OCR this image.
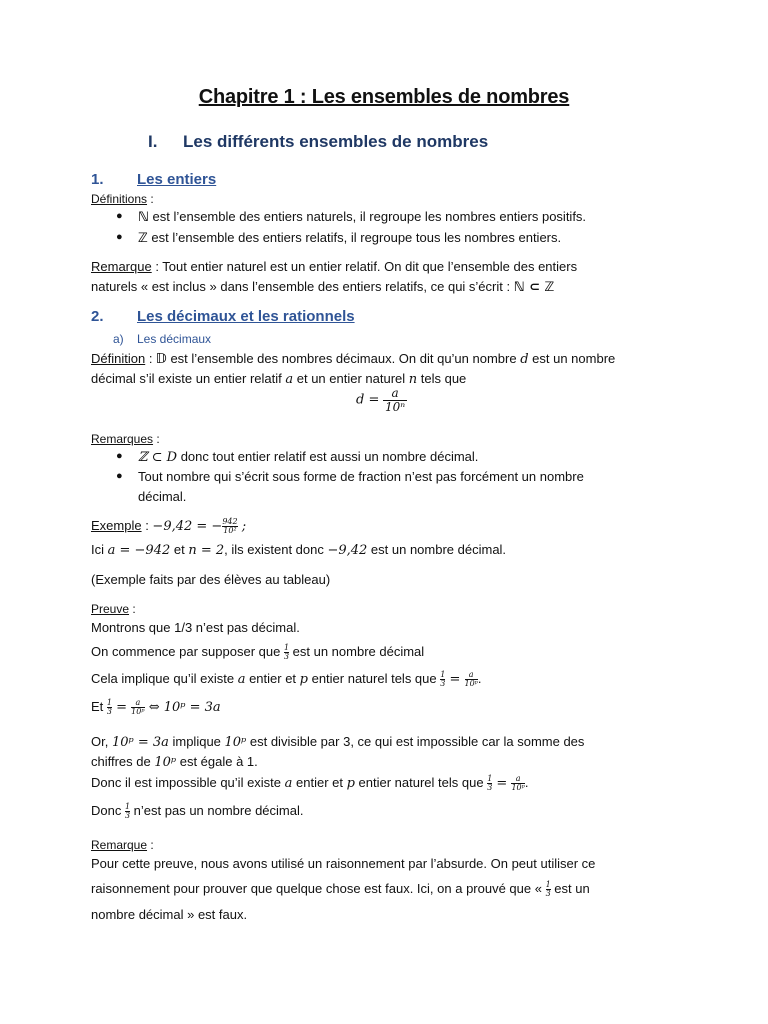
Chapitre 1 : Les ensembles de nombres
I. Les différents ensembles de nombres
1. Les entiers
Définitions :
● ℕ est l’ensemble des entiers naturels, il regroupe les nombres entiers positifs.
● ℤ est l’ensemble des entiers relatifs, il regroupe tous les nombres entiers.
Remarque : Tout entier naturel est un entier relatif. On dit que l’ensemble des entiers
naturels « est inclus » dans l’ensemble des entiers relatifs, ce qui s’écrit : ℕ ⊂ ℤ
2. Les décimaux et les rationnels
a) Les décimaux
Définition : 𝔻 est l’ensemble des nombres décimaux. On dit qu’un nombre d est un nombre
décimal s’il existe un entier relatif a et un entier naturel n tels que
$d = \frac{a}{\text{10ⁿ}}$
Remarques :
● ℤ ⊂ D donc tout entier relatif est aussi un nombre décimal.
● Tout nombre qui s’écrit sous forme de fraction n’est pas forcément un nombre
décimal.
Exemple : −9,42 = − $\frac{942}{\text{10²}}$ ;
Ici a = −942 et n = 2, ils existent donc −9,42 est un nombre décimal.
(Exemple faits par des élèves au tableau)
Preuve :
Montrons que 1/3 n’est pas décimal.
On commence par supposer que $\frac{1}{3}$ est un nombre décimal
Cela implique qu’il existe a entier et p entier naturel tels que $\frac{1}{3} = \frac{a}{\text{10ᵖ}}$ .
Et $\frac{1}{3} = \frac{a}{\text{10ᵖ}}$ ⇔ 10ᵖ = 3a
Or, 10ᵖ = 3a implique 10ᵖ est divisible par 3, ce qui est impossible car la somme des
chiffres de 10ᵖ est égale à 1.
Donc il est impossible qu’il existe a entier et p entier naturel tels que $\frac{1}{3} = \frac{a}{\text{10ᵖ}}$ .
Donc $\frac{1}{3}$ n’est pas un nombre décimal.
Remarque :
Pour cette preuve, nous avons utilisé un raisonnement par l’absurde. On peut utiliser ce
raisonnement pour prouver que quelque chose est faux. Ici, on a prouvé que « $\frac{1}{3}$ est un
nombre décimal » est faux.
